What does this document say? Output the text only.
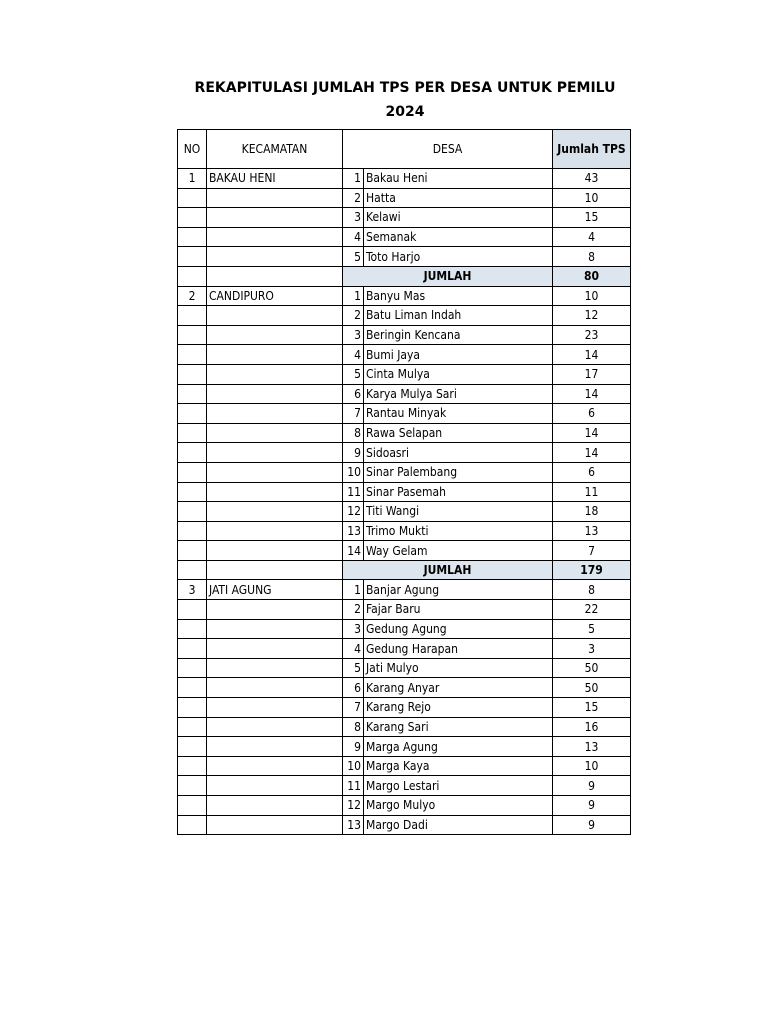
REKAPITULASI JUMLAH TPS PER DESA UNTUK PEMILU
2024
NO	KECAMATAN	DESA		Jumlah TPS
1	BAKAU HENI	1	Bakau Heni	43
		2	Hatta	10
		3	Kelawi	15
		4	Semanak	4
		5	Toto Harjo	8
		JUMLAH		80
2	CANDIPURO	1	Banyu Mas	10
		2	Batu Liman Indah	12
		3	Beringin Kencana	23
		4	Bumi Jaya	14
		5	Cinta Mulya	17
		6	Karya Mulya Sari	14
		7	Rantau Minyak	6
		8	Rawa Selapan	14
		9	Sidoasri	14
		10	Sinar Palembang	6
		11	Sinar Pasemah	11
		12	Titi Wangi	18
		13	Trimo Mukti	13
		14	Way Gelam	7
		JUMLAH		179
3	JATI AGUNG	1	Banjar Agung	8
		2	Fajar Baru	22
		3	Gedung Agung	5
		4	Gedung Harapan	3
		5	Jati Mulyo	50
		6	Karang Anyar	50
		7	Karang Rejo	15
		8	Karang Sari	16
		9	Marga Agung	13
		10	Marga Kaya	10
		11	Margo Lestari	9
		12	Margo Mulyo	9
		13	Margo Dadi	9
